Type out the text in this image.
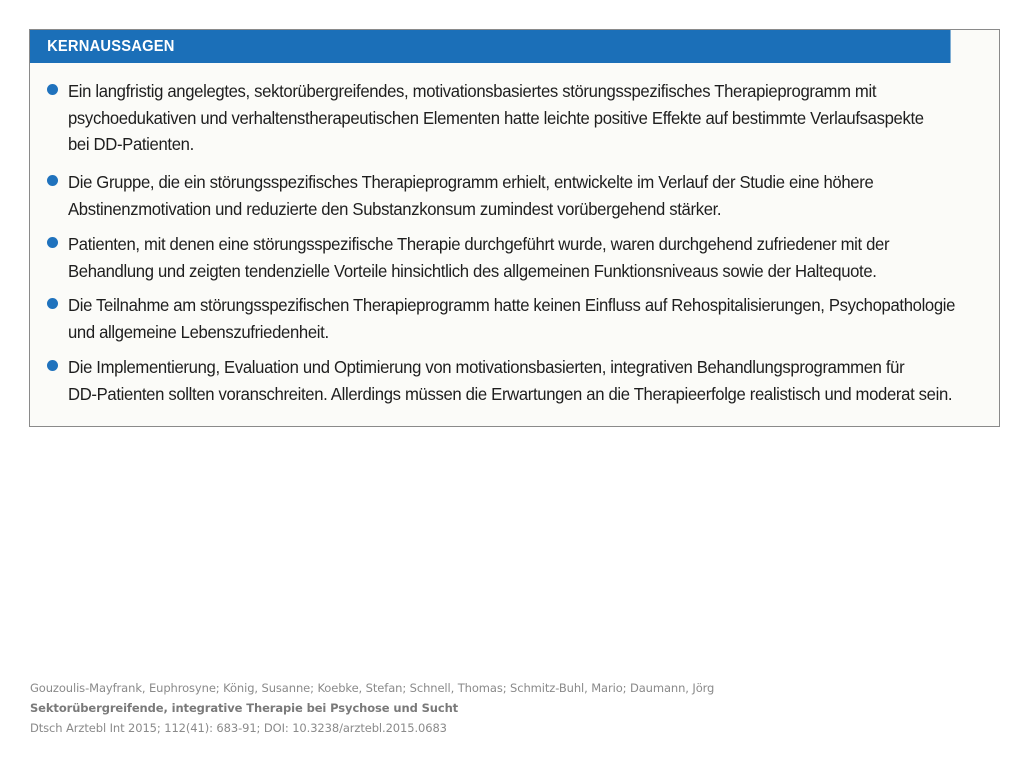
KERNAUSSAGEN
Ein langfristig angelegtes, sektorübergreifendes, motivationsbasiertes störungsspezifisches Therapieprogramm mit
psychoedukativen und verhaltenstherapeutischen Elementen hatte leichte positive Effekte auf bestimmte Verlaufsaspekte
bei DD-Patienten.
Die Gruppe, die ein störungsspezifisches Therapieprogramm erhielt, entwickelte im Verlauf der Studie eine höhere
Abstinenzmotivation und reduzierte den Substanzkonsum zumindest vorübergehend stärker.
Patienten, mit denen eine störungsspezifische Therapie durchgeführt wurde, waren durchgehend zufriedener mit der
Behandlung und zeigten tendenzielle Vorteile hinsichtlich des allgemeinen Funktionsniveaus sowie der Haltequote.
Die Teilnahme am störungsspezifischen Therapieprogramm hatte keinen Einfluss auf Rehospitalisierungen, Psychopathologie
und allgemeine Lebenszufriedenheit.
Die Implementierung, Evaluation und Optimierung von motivationsbasierten, integrativen Behandlungsprogrammen für
DD-Patienten sollten voranschreiten. Allerdings müssen die Erwartungen an die Therapieerfolge realistisch und moderat sein.
Gouzoulis-Mayfrank, Euphrosyne; König, Susanne; Koebke, Stefan; Schnell, Thomas; Schmitz-Buhl, Mario; Daumann, Jörg
Sektorübergreifende, integrative Therapie bei Psychose und Sucht
Dtsch Arztebl Int 2015; 112(41): 683-91; DOI: 10.3238/arztebl.2015.0683
